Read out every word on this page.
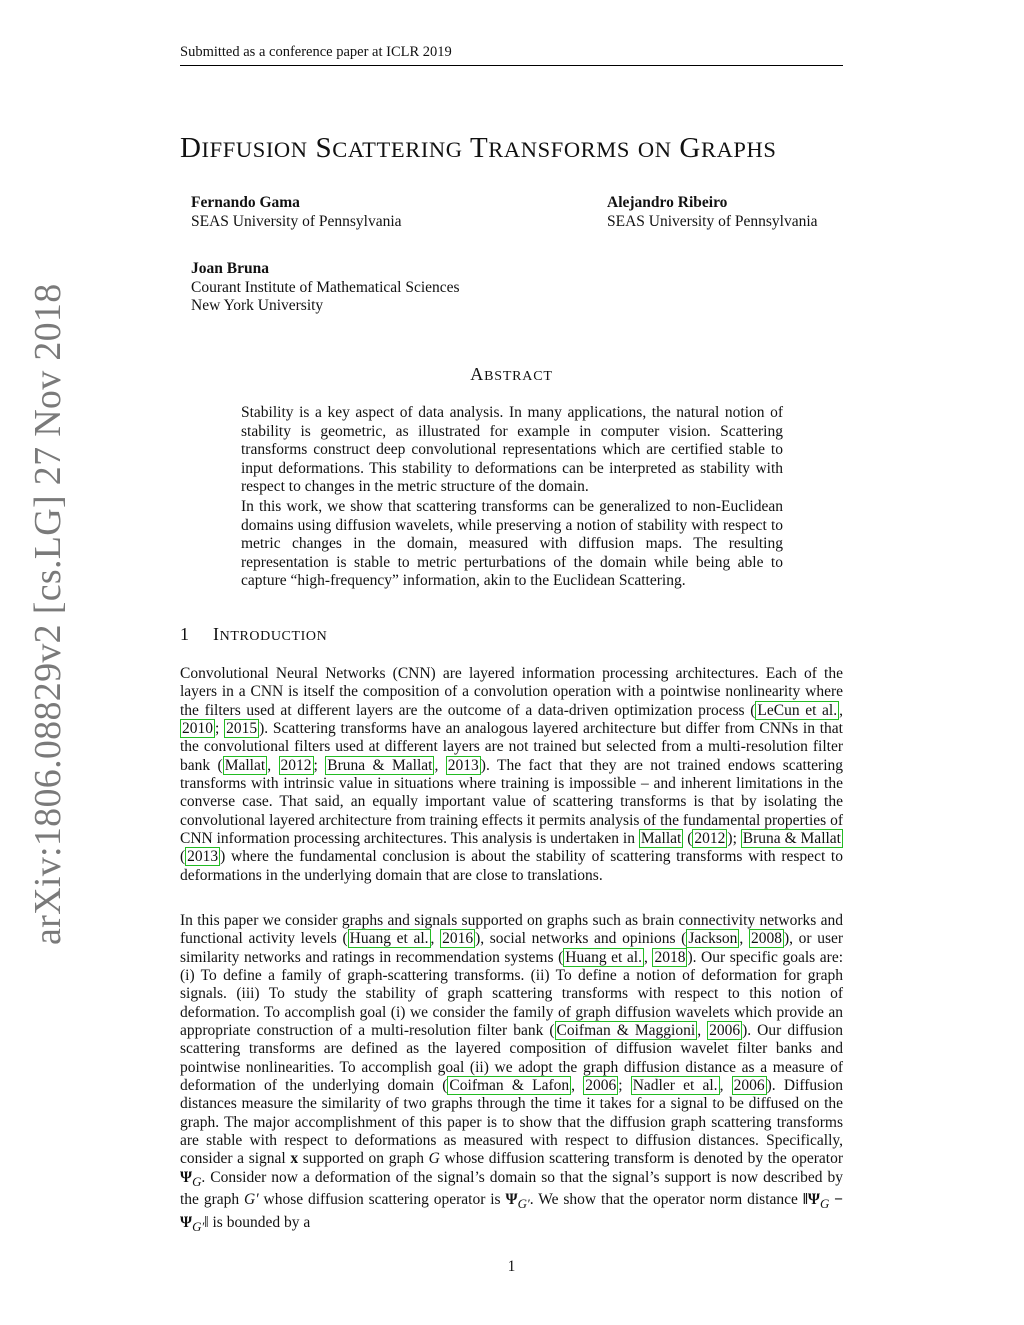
Submitted as a conference paper at ICLR 2019
arXiv:1806.08829v2 [cs.LG] 27 Nov 2018
DIFFUSION SCATTERING TRANSFORMS ON GRAPHS
Fernando Gama
SEAS University of Pennsylvania
Alejandro Ribeiro
SEAS University of Pennsylvania
Joan Bruna
Courant Institute of Mathematical Sciences
New York University
ABSTRACT
Stability is a key aspect of data analysis. In many applications, the natural notion of stability is geometric, as illustrated for example in computer vision. Scattering transforms construct deep convolutional representations which are certified stable to input deformations. This stability to deformations can be interpreted as stability with respect to changes in the metric structure of the domain.
In this work, we show that scattering transforms can be generalized to non-Euclidean domains using diffusion wavelets, while preserving a notion of stability with respect to metric changes in the domain, measured with diffusion maps. The resulting representation is stable to metric perturbations of the domain while being able to capture “high-frequency” information, akin to the Euclidean Scattering.
1 INTRODUCTION
Convolutional Neural Networks (CNN) are layered information processing architectures. Each of the layers in a CNN is itself the composition of a convolution operation with a pointwise nonlinearity where the filters used at different layers are the outcome of a data-driven optimization process ( LeCun et al. , 2010 ; 2015 ). Scattering transforms have an analogous layered architecture but differ from CNNs in that the convolutional filters used at different layers are not trained but selected from a multi-resolution filter bank ( Mallat , 2012 ; Bruna & Mallat , 2013 ). The fact that they are not trained endows scattering transforms with intrinsic value in situations where training is impossible – and inherent limitations in the converse case. That said, an equally important value of scattering transforms is that by isolating the convolutional layered architecture from training effects it permits analysis of the fundamental properties of CNN information processing architectures. This analysis is undertaken in Mallat ( 2012 ); Bruna & Mallat ( 2013 ) where the fundamental conclusion is about the stability of scattering transforms with respect to deformations in the underlying domain that are close to translations.
In this paper we consider graphs and signals supported on graphs such as brain connectivity networks and functional activity levels ( Huang et al. , 2016 ), social networks and opinions ( Jackson , 2008 ), or user similarity networks and ratings in recommendation systems ( Huang et al. , 2018 ). Our specific goals are: (i) To define a family of graph-scattering transforms. (ii) To define a notion of deformation for graph signals. (iii) To study the stability of graph scattering transforms with respect to this notion of deformation. To accomplish goal (i) we consider the family of graph diffusion wavelets which provide an appropriate construction of a multi-resolution filter bank ( Coifman & Maggioni , 2006 ). Our diffusion scattering transforms are defined as the layered composition of diffusion wavelet filter banks and pointwise nonlinearities. To accomplish goal (ii) we adopt the graph diffusion distance as a measure of deformation of the underlying domain ( Coifman & Lafon , 2006 ; Nadler et al. , 2006 ). Diffusion distances measure the similarity of two graphs through the time it takes for a signal to be diffused on the graph. The major accomplishment of this paper is to show that the diffusion graph scattering transforms are stable with respect to deformations as measured with respect to diffusion distances. Specifically, consider a signal x supported on graph G whose diffusion scattering transform is denoted by the operator $\Psi_G$. Consider now a deformation of the signal’s domain so that the signal’s support is now described by the graph G′ whose diffusion scattering operator is $\Psi_{G'}$. We show that the operator norm distance $‖\Psi_G$ − $\Psi_{G'}‖$ is bounded by a
1
